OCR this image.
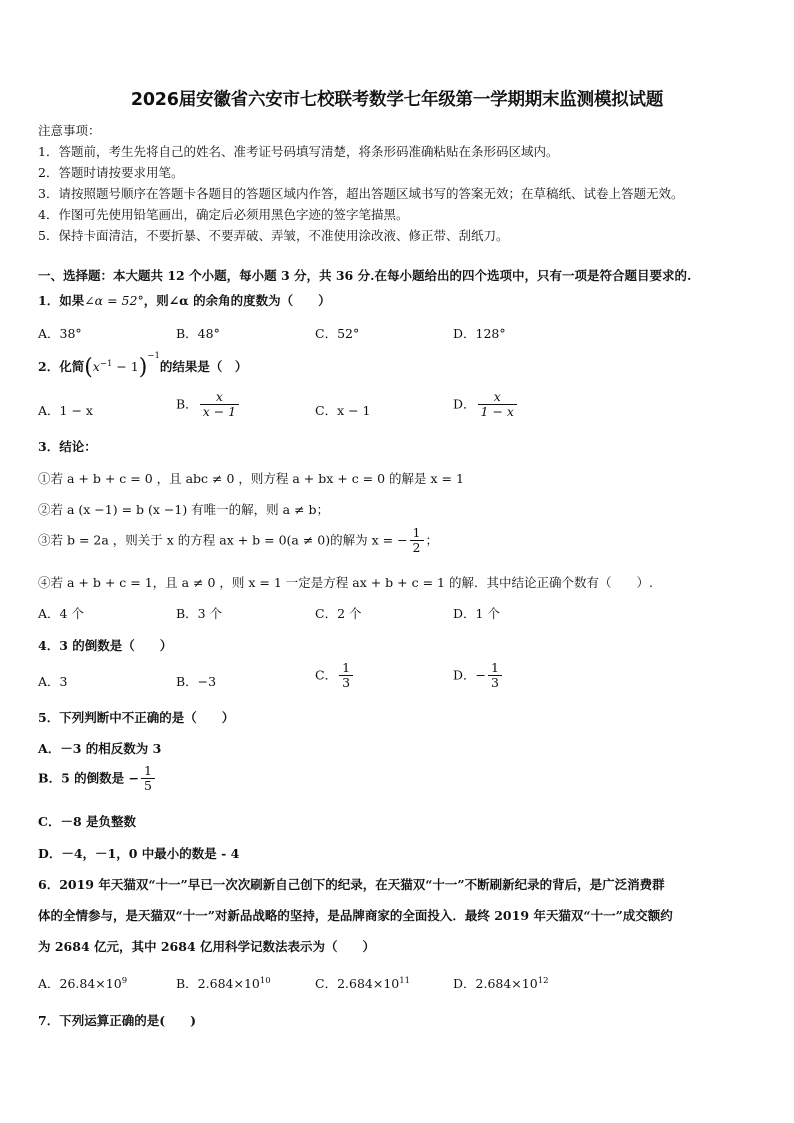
2026届安徽省六安市七校联考数学七年级第一学期期末监测模拟试题
注意事项：
1．答题前，考生先将自己的姓名、准考证号码填写清楚，将条形码准确粘贴在条形码区域内。
2．答题时请按要求用笔。
3．请按照题号顺序在答题卡各题目的答题区域内作答，超出答题区域书写的答案无效；在草稿纸、试卷上答题无效。
4．作图可先使用铅笔画出，确定后必须用黑色字迹的签字笔描黑。
5．保持卡面清洁，不要折暴、不要弄破、弄皱，不准使用涂改液、修正带、刮纸刀。
一、选择题：本大题共 12 个小题，每小题 3 分，共 36 分.在每小题给出的四个选项中，只有一项是符合题目要求的.
1．如果∠α = 52°，则∠α 的余角的度数为（　　）
A．38°	B．48°	C．52°	D．128°
2．化简$(x^{-1} - 1)^{-1}$的结果是（　）
A．1 − x	B． $\frac{x}{x - 1}$	C．x − 1	D． $\frac{x}{1 - x}$
3．结论：
①若 a + b + c = 0 ，且 abc ≠ 0 ，则方程 a + bx + c = 0 的解是 x = 1
②若 a (x −1) = b (x −1) 有唯一的解，则 a ≠ b；
③若 b = 2a ，则关于 x 的方程 ax + b = 0(a ≠ 0)的解为 x = − $\frac{1}{2}$ ；
④若 a + b + c = 1，且 a ≠ 0 ，则 x = 1 一定是方程 ax + b + c = 1 的解．其中结论正确个数有（　　）.
A．4 个	B．3 个	C．2 个	D．1 个
4．3 的倒数是（　　）
A．3	B．−3	C． $\frac{1}{3}$	D．− $\frac{1}{3}$
5．下列判断中不正确的是（　　）
A．－3 的相反数为 3
B．5 的倒数是 − $\frac{1}{5}$
C．－8 是负整数
D．－4，－1，0 中最小的数是 - 4
6．2019 年天猫双“十一”早已一次次刷新自己创下的纪录，在天猫双“十一”不断刷新纪录的背后，是广泛消费群
体的全情参与，是天猫双“十一”对新品战略的坚持，是品牌商家的全面投入．最终 2019 年天猫双“十一”成交额约
为 2684 亿元，其中 2684 亿用科学记数法表示为（　　）
A．$26.84\times 10^9$	B．$2.684\times 10^{10}$	C．$2.684\times 10^{11}$	D．$2.684\times 10^{12}$
7．下列运算正确的是(　　)
